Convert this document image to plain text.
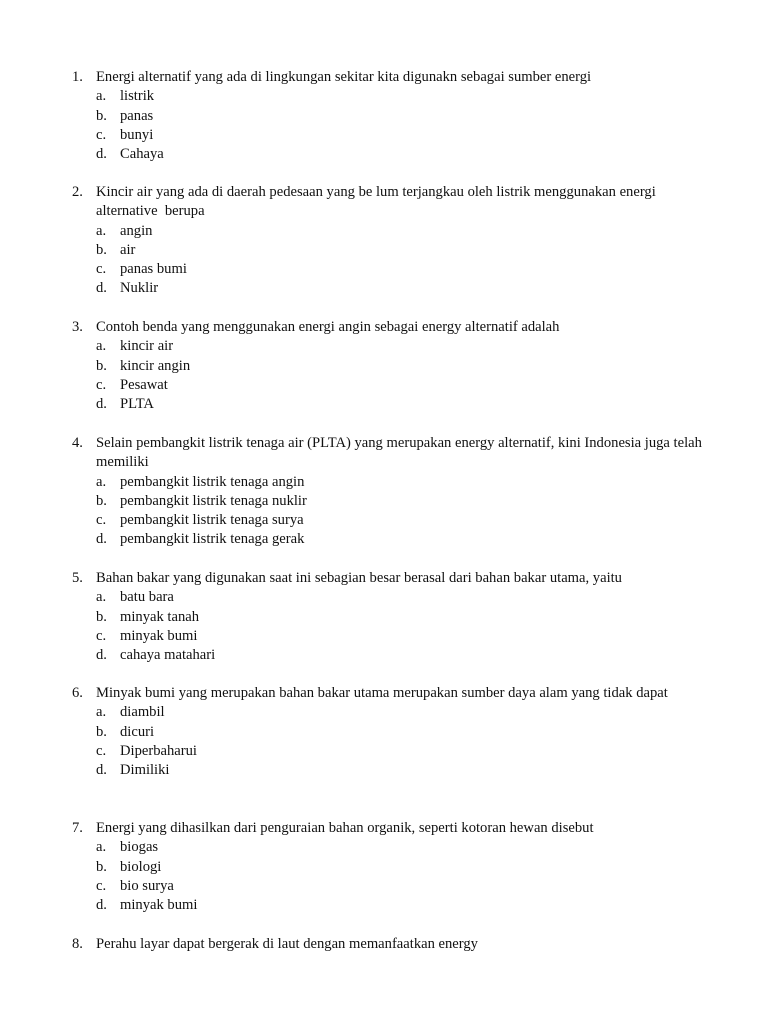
1. Energi alternatif yang ada di lingkungan sekitar kita digunakn sebagai sumber energi
a. listrik
b. panas
c. bunyi
d. Cahaya
2. Kincir air yang ada di daerah pedesaan yang be lum terjangkau oleh listrik menggunakan energi alternative  berupa
a. angin
b. air
c. panas bumi
d. Nuklir
3. Contoh benda yang menggunakan energi angin sebagai energy alternatif adalah
a. kincir air
b. kincir angin
c. Pesawat
d. PLTA
4. Selain pembangkit listrik tenaga air (PLTA) yang merupakan energy alternatif, kini Indonesia juga telah memiliki
a. pembangkit listrik tenaga angin
b. pembangkit listrik tenaga nuklir
c. pembangkit listrik tenaga surya
d. pembangkit listrik tenaga gerak
5. Bahan bakar yang digunakan saat ini sebagian besar berasal dari bahan bakar utama, yaitu
a. batu bara
b. minyak tanah
c. minyak bumi
d. cahaya matahari
6. Minyak bumi yang merupakan bahan bakar utama merupakan sumber daya alam yang tidak dapat
a. diambil
b. dicuri
c. Diperbaharui
d. Dimiliki
7. Energi yang dihasilkan dari penguraian bahan organik, seperti kotoran hewan disebut
a. biogas
b. biologi
c. bio surya
d. minyak bumi
8. Perahu layar dapat bergerak di laut dengan memanfaatkan energy
